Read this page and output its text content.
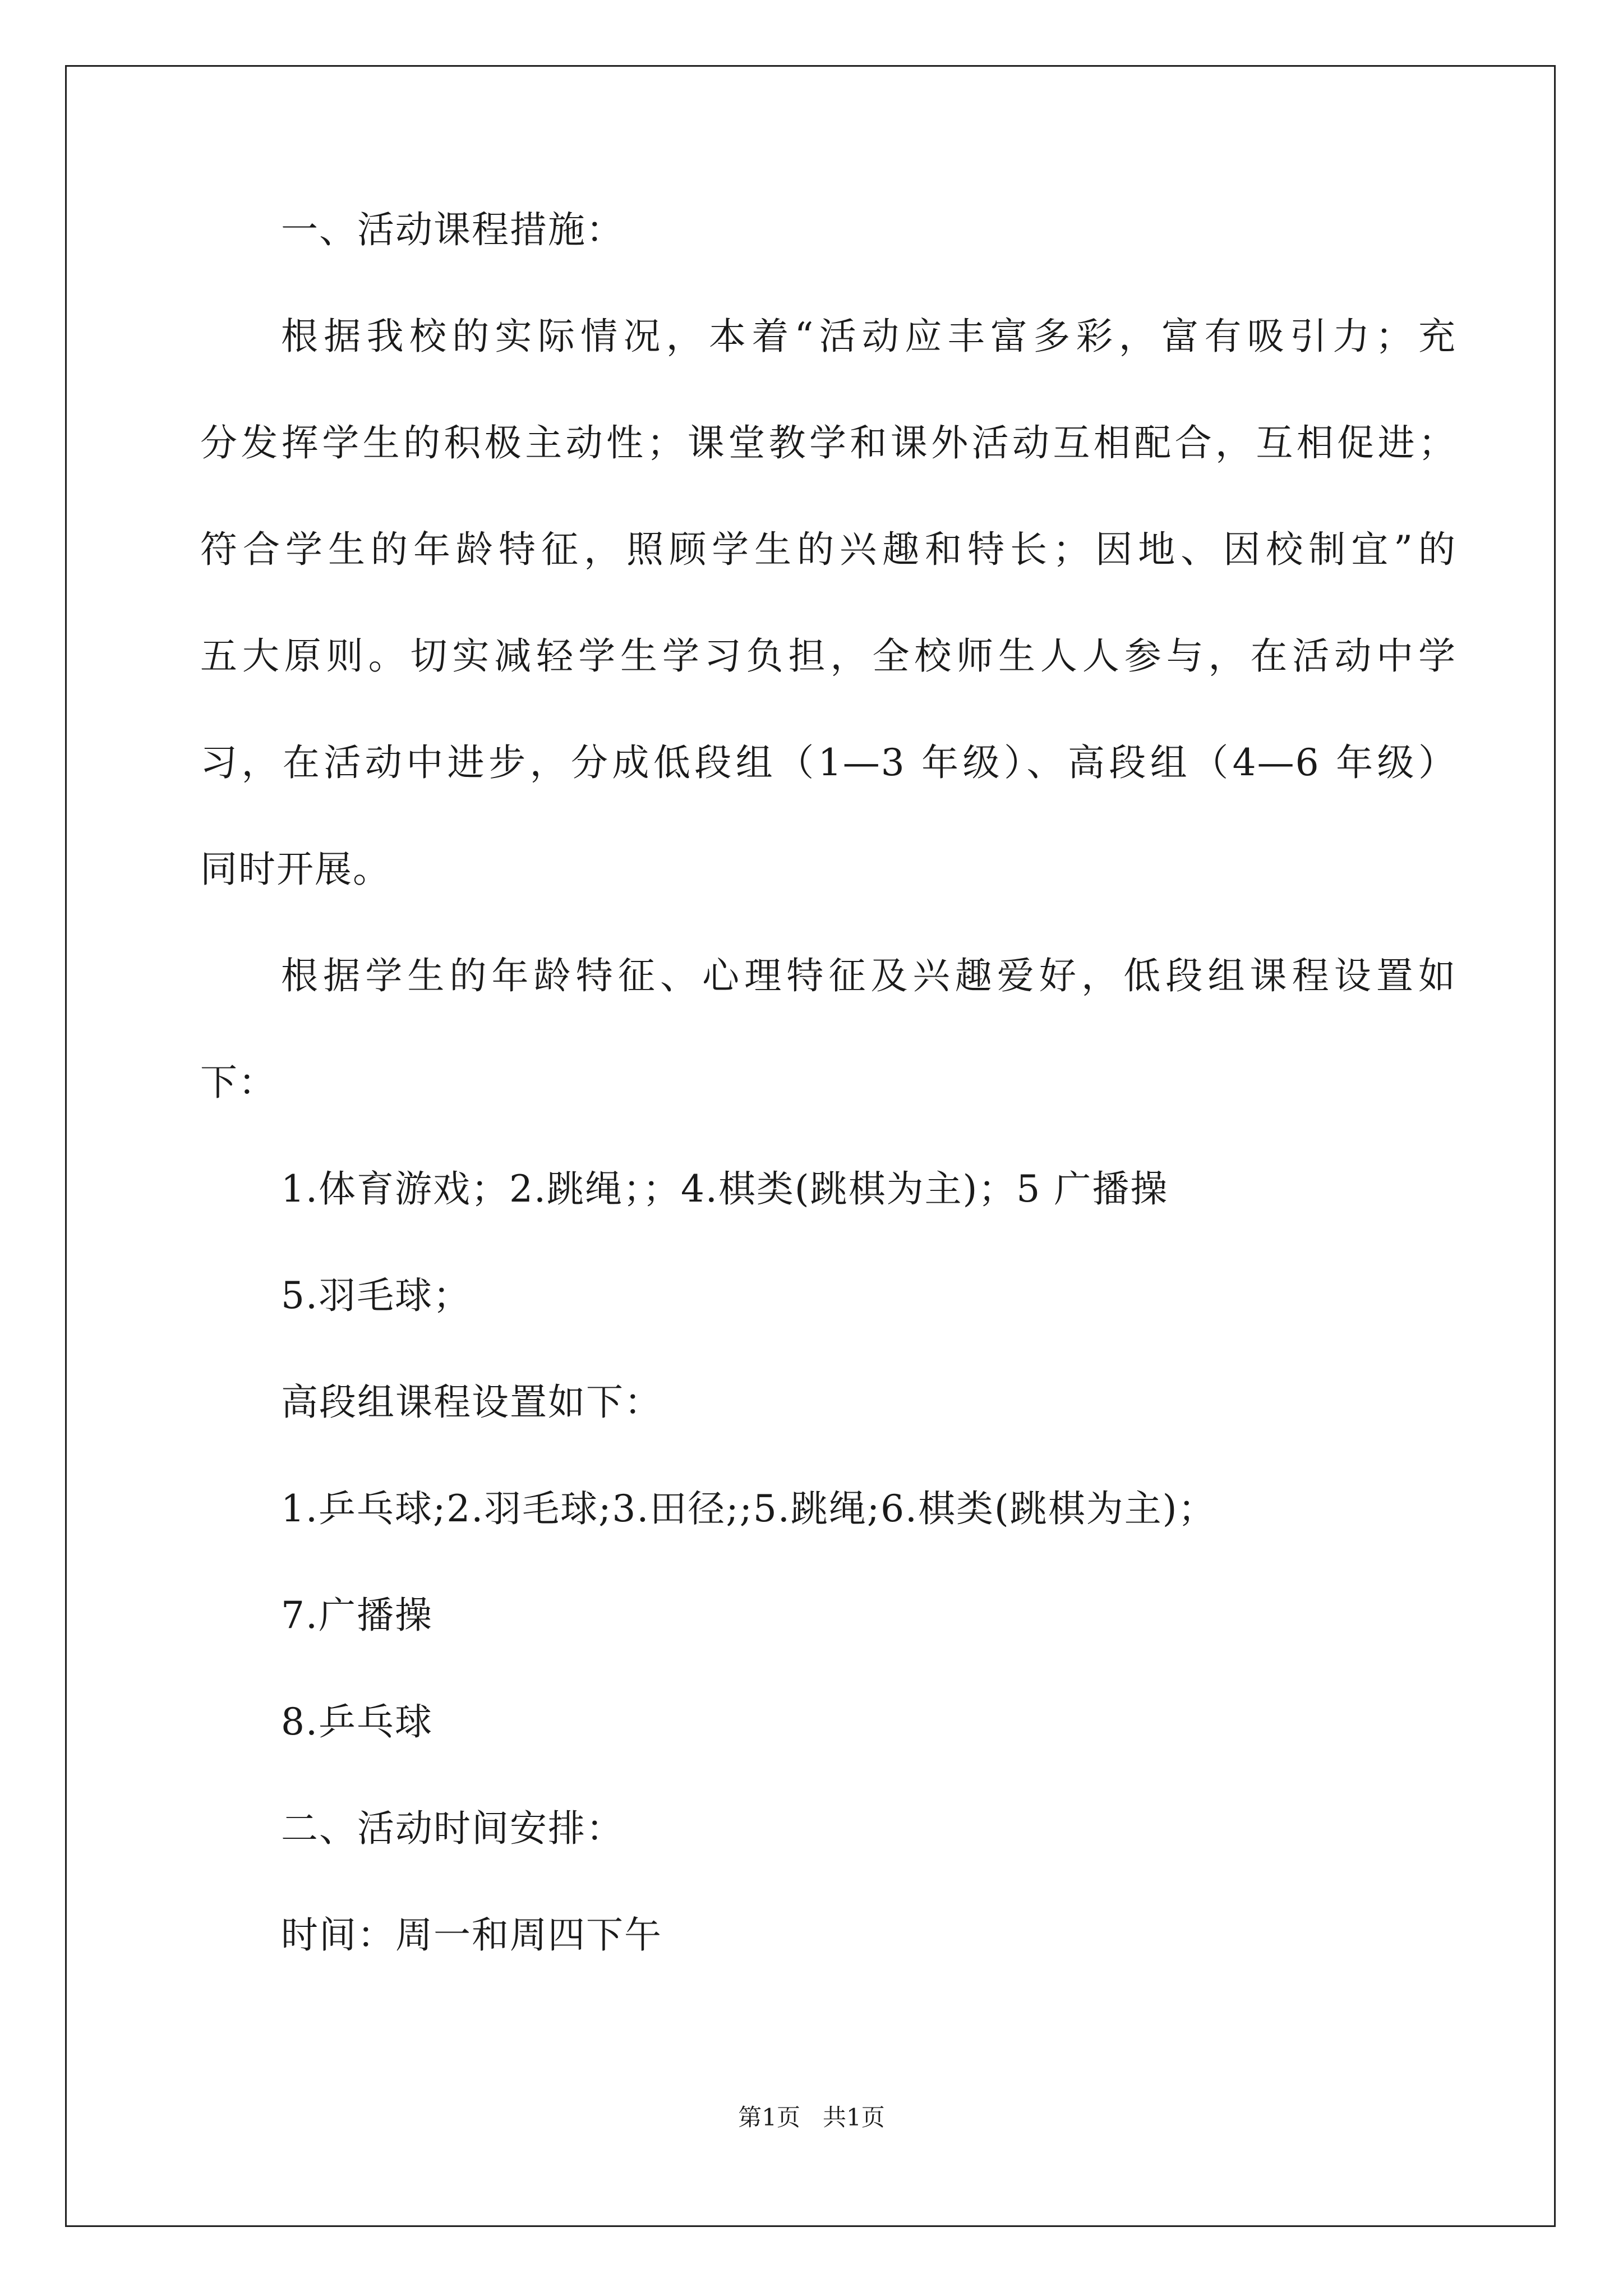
一、活动课程措施：
根据我校的实际情况，本着“活动应丰富多彩，富有吸引力；充
分发挥学生的积极主动性；课堂教学和课外活动互相配合，互相促进；
符合学生的年龄特征，照顾学生的兴趣和特长；因地、因校制宜”的
五大原则。切实减轻学生学习负担，全校师生人人参与，在活动中学
习，在活动中进步，分成低段组（1—3 年级）、高段组（4—6 年级）
同时开展。
根据学生的年龄特征、心理特征及兴趣爱好，低段组课程设置如
下：
1.体育游戏；2.跳绳；；4.棋类(跳棋为主)；5 广播操
5.羽毛球；
高段组课程设置如下：
1.乒乓球;2.羽毛球;3.田径;;5.跳绳;6.棋类(跳棋为主)；
7.广播操
8.乒乓球
二、活动时间安排：
时间：周一和周四下午
第1页   共1页
